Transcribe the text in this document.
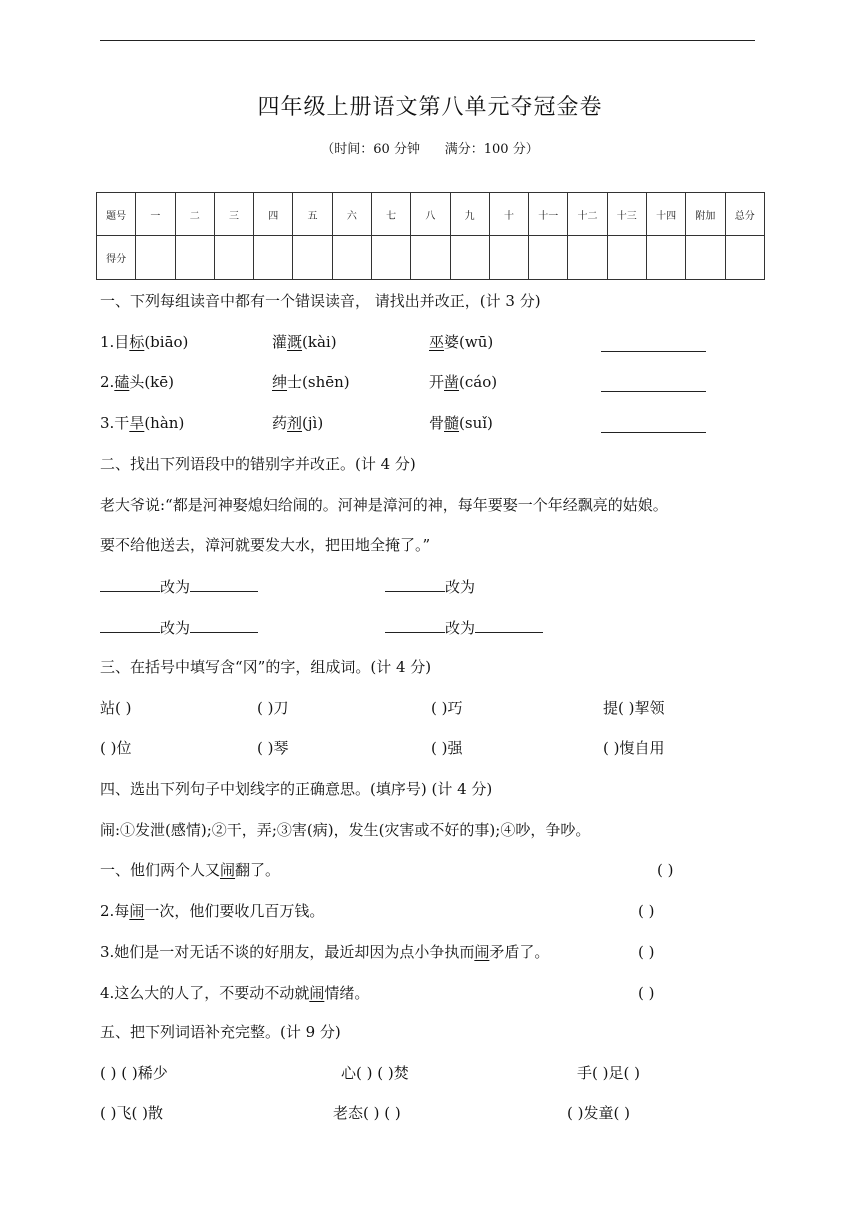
四年级上册语文第八单元夺冠金卷
（时间：60 分钟      满分：100 分）
题号	一	二	三	四	五	六	七	八	九	十	十一	十二	十三	十四	附加	总分
得分																
一、下列每组读音中都有一个错误读音， 请找出并改正，(计 3 分)
1.目标(biāo)	灌溉(kài)	巫婆(wū)
2.磕头(kē)	绅士(shēn)	开凿(cáo)
3.干旱(hàn)	药剂(jì)	骨髓(suǐ)
二、找出下列语段中的错别字并改正。(计 4 分)
老大爷说:“都是河神娶熄妇给闹的。河神是漳河的神，每年要娶一个年经飘亮的姑娘。
要不给他送去，漳河就要发大水，把田地全掩了。”
改为	改为
改为	改为
三、在括号中填写含“冈”的字，组成词。(计 4 分)
站( )	( )刀	( )巧	提( )挈领
( )位	( )琴	( )强	( )愎自用
四、选出下列句子中划线字的正确意思。(填序号) (计 4 分)
闹:①发泄(感情);②干，弄;③害(病)，发生(灾害或不好的事);④吵，争吵。
一、他们两个人又闹翻了。	( )
2.每闹一次，他们要收几百万钱。	( )
3.她们是一对无话不谈的好朋友，最近却因为点小争执而闹矛盾了。	( )
4.这么大的人了，不要动不动就闹情绪。	( )
五、把下列词语补充完整。(计 9 分)
( ) ( )稀少	心( ) ( )焚	手( )足( )
( )飞( )散	老态( ) ( )	( )发童( )
